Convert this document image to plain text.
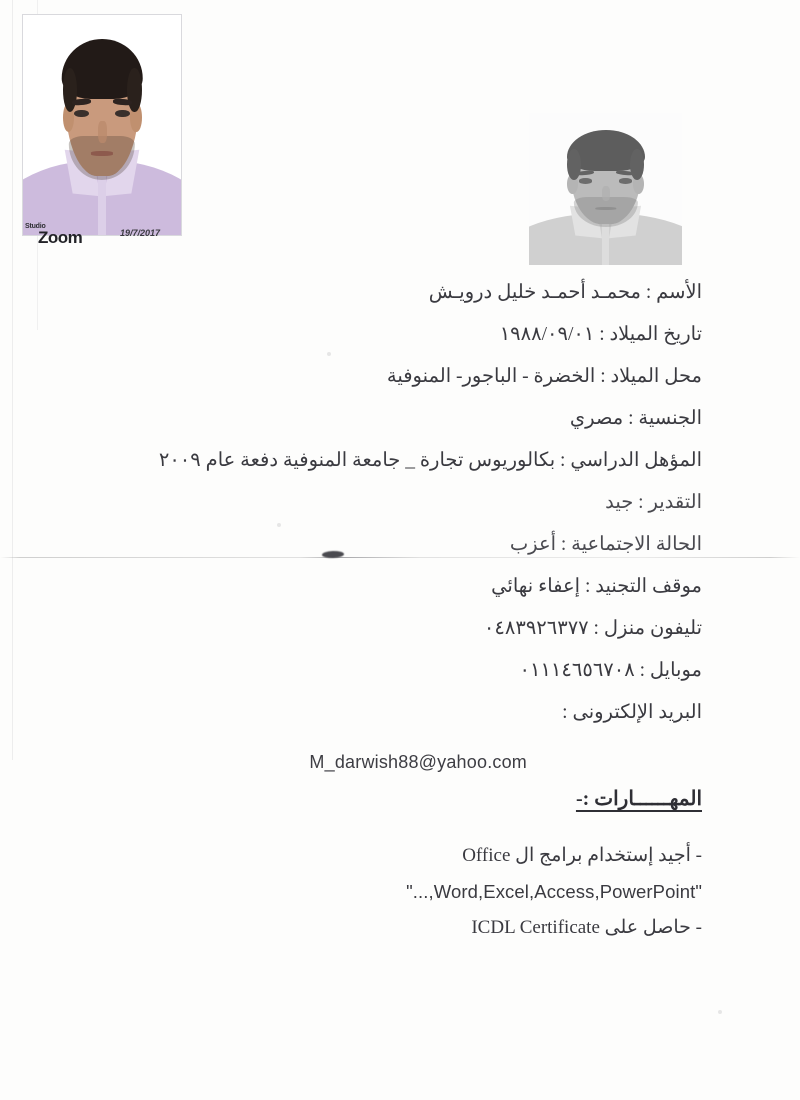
Studio
Zoom	19/7/2017
الأسم : محمـد أحمـد خليل درويـش
تاريخ الميلاد : ١٩٨٨/٠٩/٠١
محل الميلاد : الخضرة - الباجور- المنوفية
الجنسية : مصري
المؤهل الدراسي : بكالوريوس تجارة _ جامعة المنوفية دفعة عام ٢٠٠٩
التقدير : جيد
الحالة الاجتماعية : أعزب
موقف التجنيد : إعفاء نهائي
تليفون منزل : ٠٤٨٣٩٢٦٣٧٧
موبايل : ٠١١١٤٦٥٦٧٠٨
البريد الإلكترونى :
M_darwish88@yahoo.com
المهــــــارات :-
- أجيد إستخدام برامج ال Office
"Word,Excel,Access,PowerPoint,..."
- حاصل على ICDL Certificate
